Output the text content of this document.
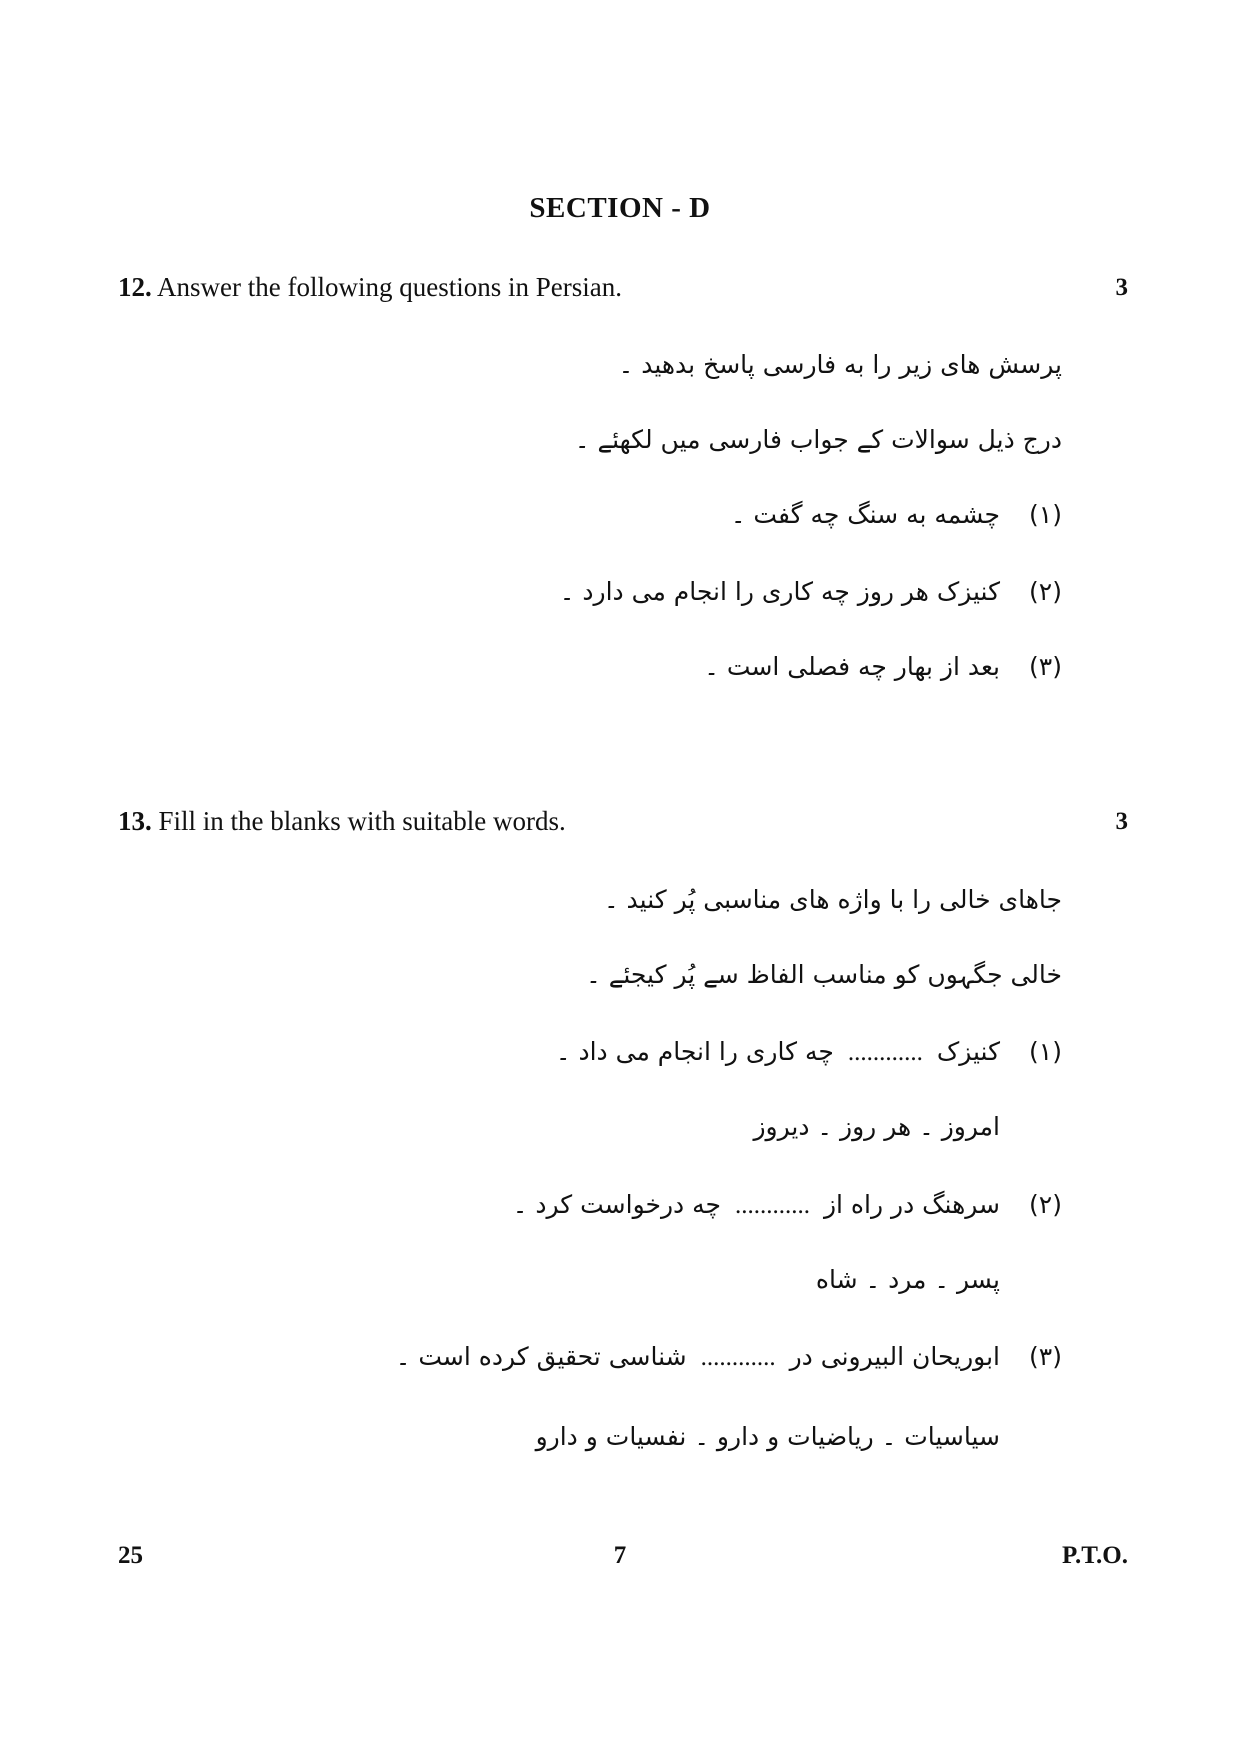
SECTION - D
12. Answer the following questions in Persian.	3
پرسش های زیر را به فارسی پاسخ بدهید ۔
درج ذیل سوالات کے جواب فارسی میں لکھئے ۔
(۱)چشمه به سنگ چه گفت ۔
(۲)کنیزک هر روز چه کاری را انجام می دارد ۔
(۳)بعد از بهار چه فصلی است ۔
13. Fill in the blanks with suitable words.	3
جاهای خالی را با واژه های مناسبی پُر کنید ۔
خالی جگہوں کو مناسب الفاظ سے پُر کیجئے ۔
(۱)کنیزک............چه کاری را انجام می داد ۔
امروز ۔ هر روز ۔ دیروز
(۲)سرهنگ در راه از............چه درخواست کرد ۔
پسر ۔ مرد ۔ شاه
(۳)ابوریحان البیرونی در............شناسی تحقیق کرده است ۔
سیاسیات ۔ ریاضیات و دارو ۔ نفسیات و دارو
25	7	P.T.O.
